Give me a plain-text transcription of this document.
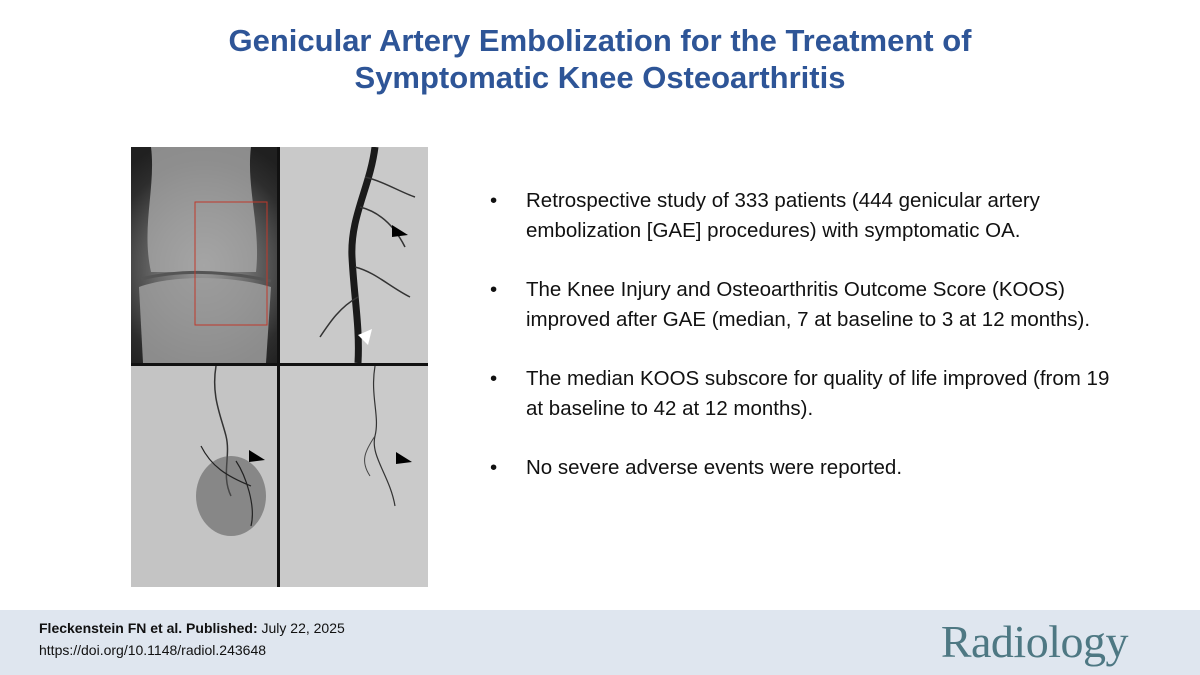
Genicular Artery Embolization for the Treatment of
Symptomatic Knee Osteoarthritis
• Retrospective study of 333 patients (444 genicular artery embolization [GAE] procedures) with symptomatic OA.
• The Knee Injury and Osteoarthritis Outcome Score (KOOS) improved after GAE (median, 7 at baseline to 3 at 12 months).
• The median KOOS subscore for quality of life improved (from 19 at baseline to 42 at 12 months).
• No severe adverse events were reported.
Fleckenstein FN et al. Published: July 22, 2025
https://doi.org/10.1148/radiol.243648	Radiology
